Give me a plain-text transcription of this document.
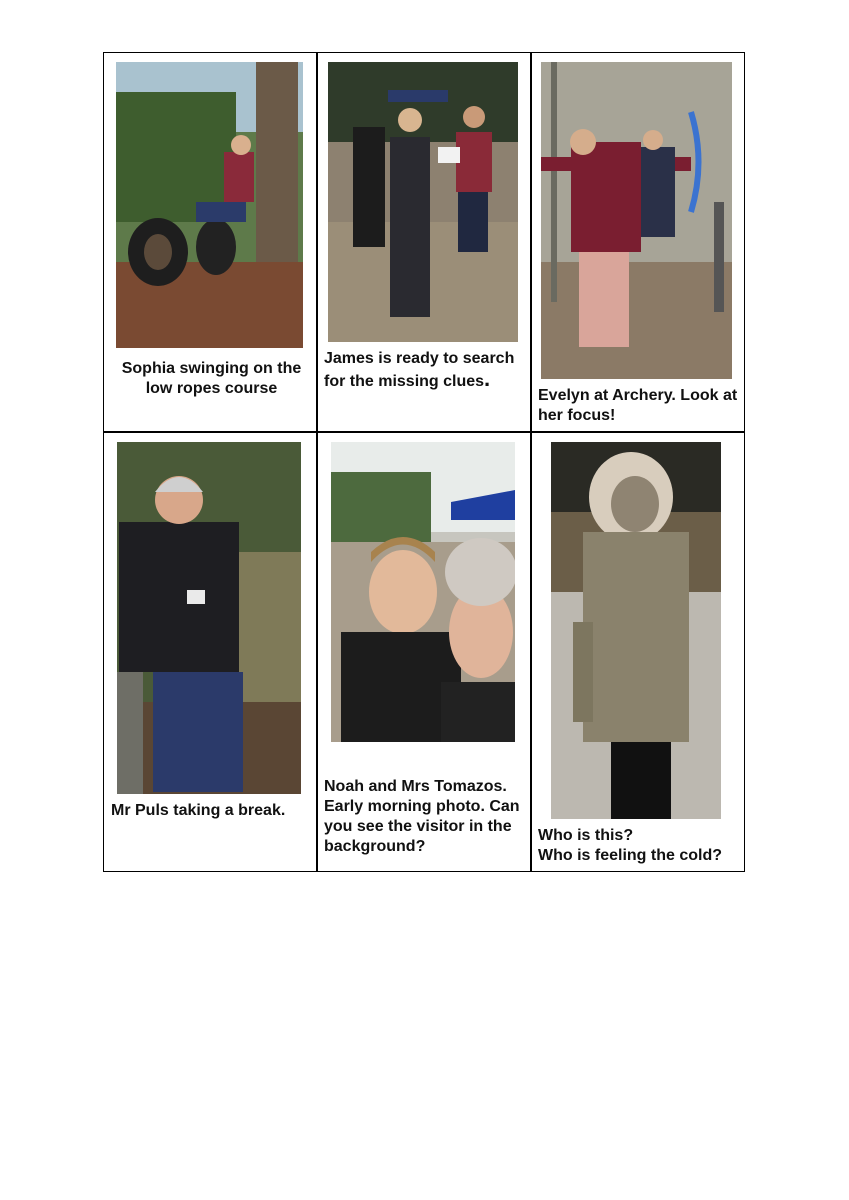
Sophia swinging on the low ropes course
James is ready to search for the missing clues.
Evelyn at Archery. Look at her focus!
Mr Puls taking a break.
Noah and Mrs Tomazos. Early morning photo. Can you see the visitor in the background?
Who is this?
Who is feeling the cold?
